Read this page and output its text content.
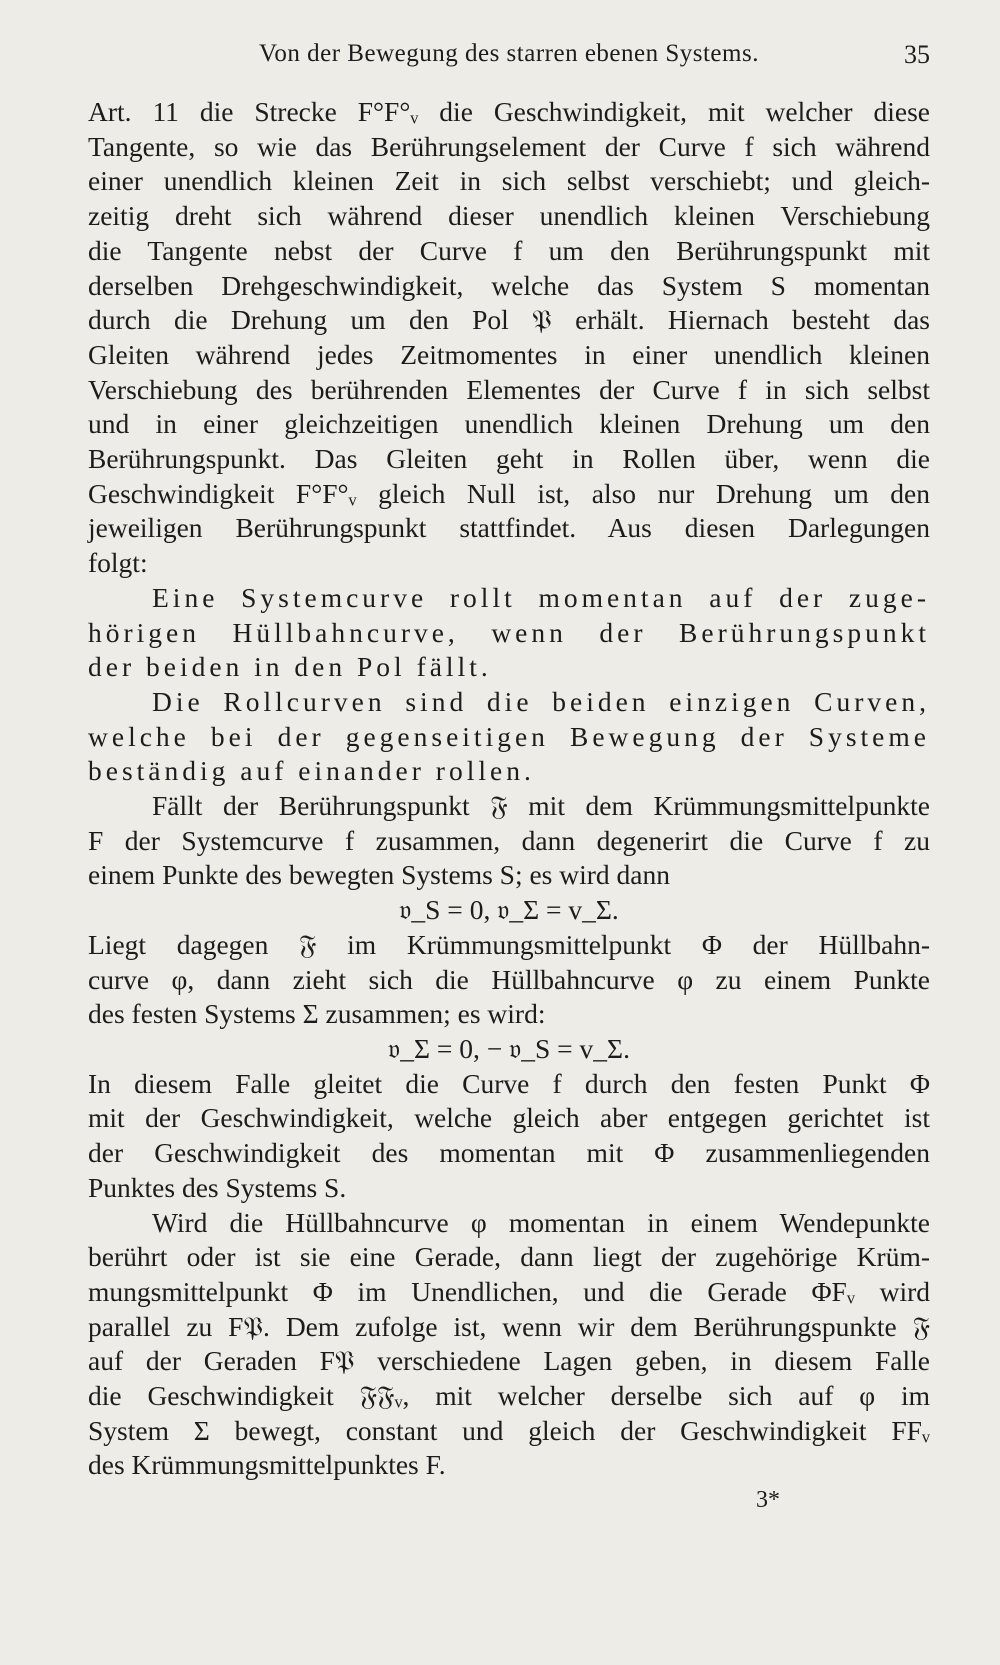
Von der Bewegung des starren ebenen Systems.	35

Art. 11 die Strecke F°F°ᵥ die Geschwindigkeit, mit welcher diese

Tangente, so wie das Berührungselement der Curve f sich während

einer unendlich kleinen Zeit in sich selbst verschiebt; und gleich-

zeitig dreht sich während dieser unendlich kleinen Verschiebung

die Tangente nebst der Curve f um den Berührungspunkt mit

derselben Drehgeschwindigkeit, welche das System S momentan

durch die Drehung um den Pol 𝔓 erhält. Hiernach besteht das

Gleiten während jedes Zeitmomentes in einer unendlich kleinen

Verschiebung des berührenden Elementes der Curve f in sich selbst

und in einer gleichzeitigen unendlich kleinen Drehung um den

Berührungspunkt. Das Gleiten geht in Rollen über, wenn die

Geschwindigkeit F°F°ᵥ gleich Null ist, also nur Drehung um den

jeweiligen Berührungspunkt stattfindet. Aus diesen Darlegungen

folgt:

Eine Systemcurve rollt momentan auf der zuge-

hörigen Hüllbahncurve, wenn der Berührungspunkt

der beiden in den Pol fällt.

Die Rollcurven sind die beiden einzigen Curven,

welche bei der gegenseitigen Bewegung der Systeme

beständig auf einander rollen.

Fällt der Berührungspunkt 𝔉 mit dem Krümmungsmittelpunkte

F der Systemcurve f zusammen, dann degenerirt die Curve f zu

einem Punkte des bewegten Systems S; es wird dann

𝔳_S = 0, 𝔳_Σ = v_Σ.

Liegt dagegen 𝔉 im Krümmungsmittelpunkt Φ der Hüllbahn-

curve φ, dann zieht sich die Hüllbahncurve φ zu einem Punkte

des festen Systems Σ zusammen; es wird:

𝔳_Σ = 0, − 𝔳_S = v_Σ.

In diesem Falle gleitet die Curve f durch den festen Punkt Φ

mit der Geschwindigkeit, welche gleich aber entgegen gerichtet ist

der Geschwindigkeit des momentan mit Φ zusammenliegenden

Punktes des Systems S.

Wird die Hüllbahncurve φ momentan in einem Wendepunkte

berührt oder ist sie eine Gerade, dann liegt der zugehörige Krüm-

mungsmittelpunkt Φ im Unendlichen, und die Gerade ΦFᵥ wird

parallel zu F𝔓. Dem zufolge ist, wenn wir dem Berührungspunkte 𝔉

auf der Geraden F𝔓 verschiedene Lagen geben, in diesem Falle

die Geschwindigkeit 𝔉𝔉ᵥ, mit welcher derselbe sich auf φ im

System Σ bewegt, constant und gleich der Geschwindigkeit FFᵥ

des Krümmungsmittelpunktes F.

3*
